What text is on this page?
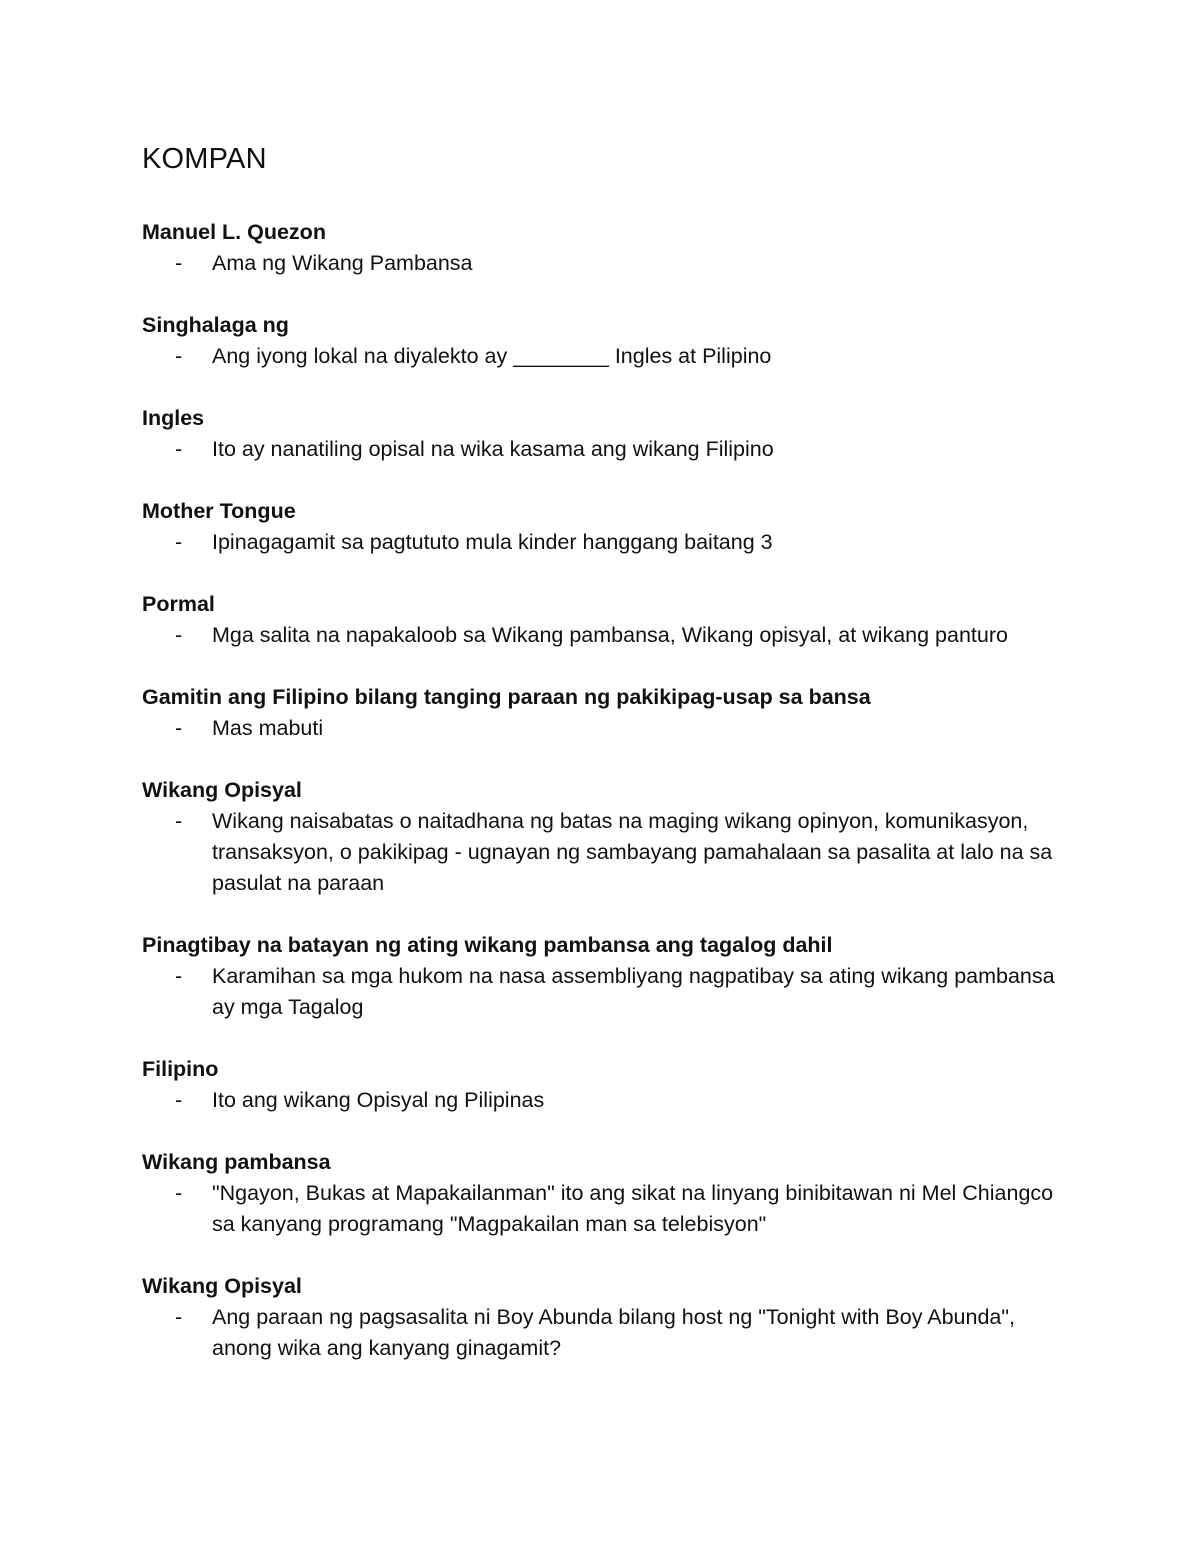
KOMPAN

Manuel L. Quezon

- Ama ng Wikang Pambansa

Singhalaga ng

- Ang iyong lokal na diyalekto ay ________ Ingles at Pilipino

Ingles

- Ito ay nanatiling opisal na wika kasama ang wikang Filipino

Mother Tongue

- Ipinagagamit sa pagtututo mula kinder hanggang baitang 3

Pormal

- Mga salita na napakaloob sa Wikang pambansa, Wikang opisyal, at wikang panturo

Gamitin ang Filipino bilang tanging paraan ng pakikipag-usap sa bansa

- Mas mabuti

Wikang Opisyal

- Wikang naisabatas o naitadhana ng batas na maging wikang opinyon, komunikasyon, transaksyon, o pakikipag - ugnayan ng sambayang pamahalaan sa pasalita at lalo na sa pasulat na paraan

Pinagtibay na batayan ng ating wikang pambansa ang tagalog dahil

- Karamihan sa mga hukom na nasa assembliyang nagpatibay sa ating wikang pambansa ay mga Tagalog

Filipino

- Ito ang wikang Opisyal ng Pilipinas

Wikang pambansa

- "Ngayon, Bukas at Mapakailanman" ito ang sikat na linyang binibitawan ni Mel Chiangco sa kanyang programang "Magpakailan man sa telebisyon"

Wikang Opisyal

- Ang paraan ng pagsasalita ni Boy Abunda bilang host ng "Tonight with Boy Abunda", anong wika ang kanyang ginagamit?
